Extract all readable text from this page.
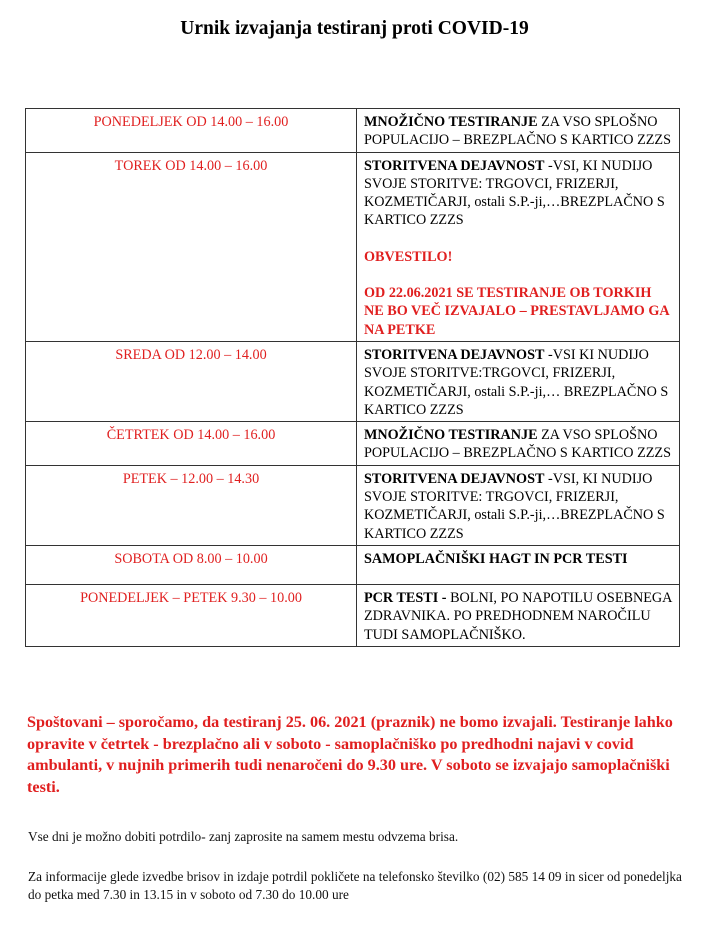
Urnik izvajanja testiranj proti COVID-19
PONEDELJEK OD 14.00 – 16.00	MNOŽIČNO TESTIRANJE ZA VSO SPLOŠNO POPULACIJO – BREZPLAČNO S KARTICO ZZZS
TOREK OD 14.00 – 16.00	STORITVENA DEJAVNOST -VSI, KI NUDIJO SVOJE STORITVE: TRGOVCI, FRIZERJI, KOZMETIČARJI, ostali S.P.-ji,…BREZPLAČNO S KARTICO ZZZS

OBVESTILO!

OD 22.06.2021 SE TESTIRANJE OB TORKIH NE BO VEČ IZVAJALO – PRESTAVLJAMO GA NA PETKE

SREDA OD 12.00 – 14.00	STORITVENA DEJAVNOST -VSI KI NUDIJO SVOJE STORITVE:TRGOVCI, FRIZERJI, KOZMETIČARJI, ostali S.P.-ji,… BREZPLAČNO S KARTICO ZZZS
ČETRTEK OD 14.00 – 16.00	MNOŽIČNO TESTIRANJE ZA VSO SPLOŠNO POPULACIJO – BREZPLAČNO S KARTICO ZZZS
PETEK – 12.00 – 14.30	STORITVENA DEJAVNOST -VSI, KI NUDIJO SVOJE STORITVE: TRGOVCI, FRIZERJI, KOZMETIČARJI, ostali S.P.-ji,…BREZPLAČNO S KARTICO ZZZS
SOBOTA OD 8.00 – 10.00	SAMOPLAČNIŠKI HAGT IN PCR TESTI
PONEDELJEK – PETEK 9.30 – 10.00	PCR TESTI - BOLNI, PO NAPOTILU OSEBNEGA ZDRAVNIKA. PO PREDHODNEM NAROČILU TUDI SAMOPLAČNIŠKO.
Spoštovani – sporočamo, da testiranj 25. 06. 2021 (praznik) ne bomo izvajali. Testiranje lahko opravite v četrtek - brezplačno ali v soboto - samoplačniško po predhodni najavi v covid ambulanti, v nujnih primerih tudi nenaročeni do 9.30 ure. V soboto se izvajajo samoplačniški testi.
Vse dni je možno dobiti potrdilo- zanj zaprosite na samem mestu odvzema brisa.
Za informacije glede izvedbe brisov in izdaje potrdil pokličete na telefonsko številko (02) 585 14 09 in sicer od ponedeljka do petka med 7.30 in 13.15 in v soboto od 7.30 do 10.00 ure
